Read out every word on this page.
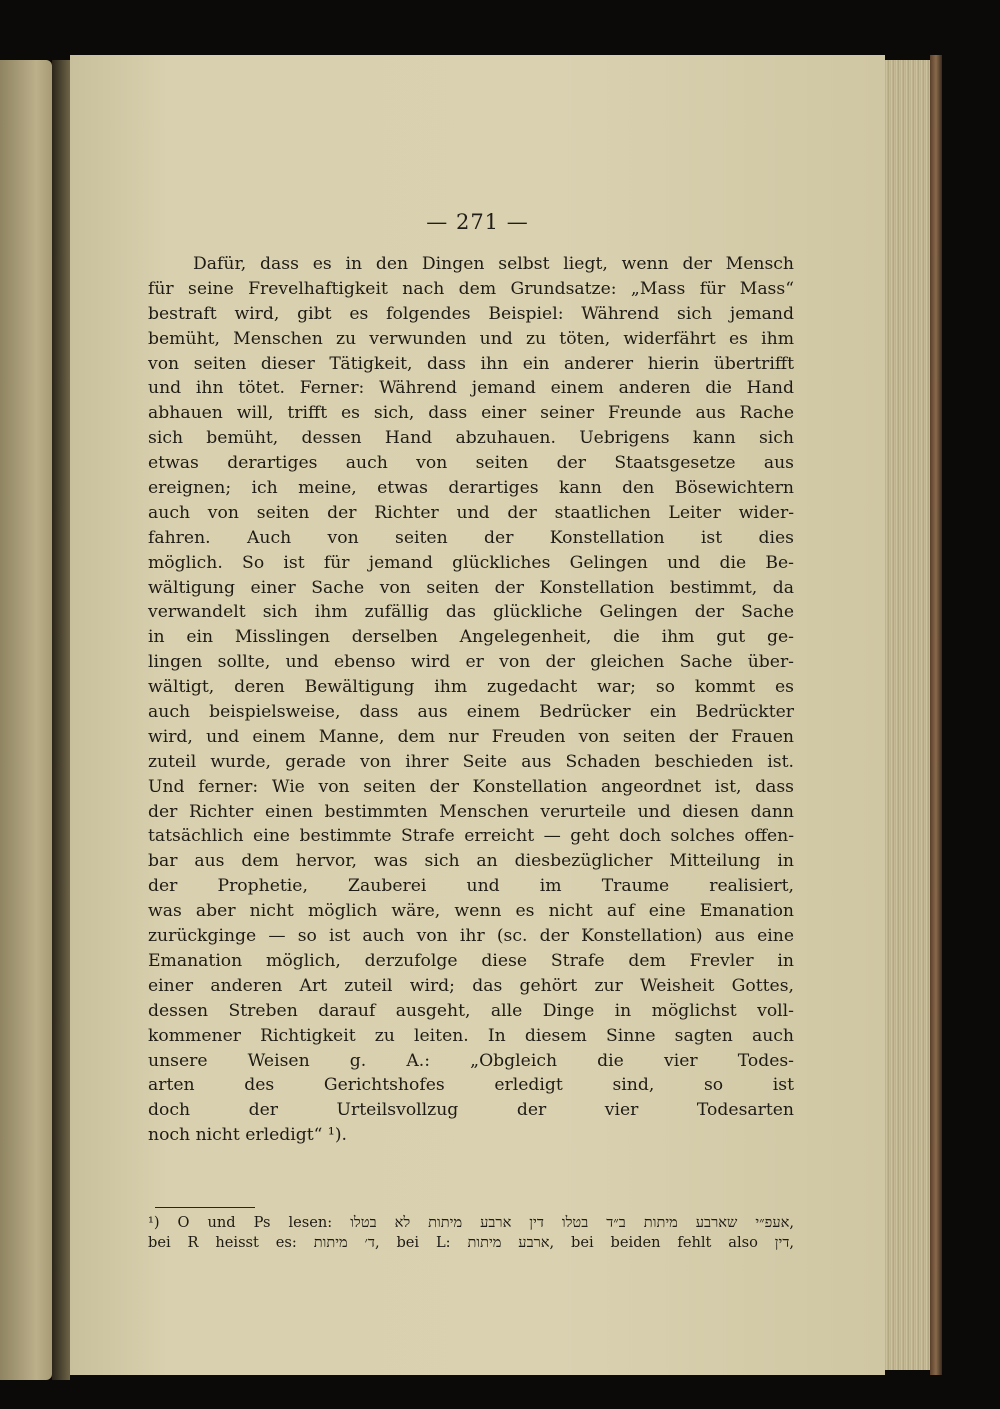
— 271 —
Dafür, dass es in den Dingen selbst liegt, wenn der Mensch
für seine Frevelhaftigkeit nach dem Grundsatze: „Mass für Mass“
bestraft wird, gibt es folgendes Beispiel: Während sich jemand
bemüht, Menschen zu verwunden und zu töten, widerfährt es ihm
von seiten dieser Tätigkeit, dass ihn ein anderer hierin übertrifft
und ihn tötet. Ferner: Während jemand einem anderen die Hand
abhauen will, trifft es sich, dass einer seiner Freunde aus Rache
sich bemüht, dessen Hand abzuhauen. Uebrigens kann sich
etwas derartiges auch von seiten der Staatsgesetze aus
ereignen; ich meine, etwas derartiges kann den Bösewichtern
auch von seiten der Richter und der staatlichen Leiter wider-
fahren. Auch von seiten der Konstellation ist dies
möglich. So ist für jemand glückliches Gelingen und die Be-
wältigung einer Sache von seiten der Konstellation bestimmt, da
verwandelt sich ihm zufällig das glückliche Gelingen der Sache
in ein Misslingen derselben Angelegenheit, die ihm gut ge-
lingen sollte, und ebenso wird er von der gleichen Sache über-
wältigt, deren Bewältigung ihm zugedacht war; so kommt es
auch beispielsweise, dass aus einem Bedrücker ein Bedrückter
wird, und einem Manne, dem nur Freuden von seiten der Frauen
zuteil wurde, gerade von ihrer Seite aus Schaden beschieden ist.
Und ferner: Wie von seiten der Konstellation angeordnet ist, dass
der Richter einen bestimmten Menschen verurteile und diesen dann
tatsächlich eine bestimmte Strafe erreicht — geht doch solches offen-
bar aus dem hervor, was sich an diesbezüglicher Mitteilung in
der Prophetie, Zauberei und im Traume realisiert,
was aber nicht möglich wäre, wenn es nicht auf eine Emanation
zurückginge — so ist auch von ihr (sc. der Konstellation) aus eine
Emanation möglich, derzufolge diese Strafe dem Frevler in
einer anderen Art zuteil wird; das gehört zur Weisheit Gottes,
dessen Streben darauf ausgeht, alle Dinge in möglichst voll-
kommener Richtigkeit zu leiten. In diesem Sinne sagten auch
unsere Weisen g. A.: „Obgleich die vier Todes-
arten des Gerichtshofes erledigt sind, so ist
doch der Urteilsvollzug der vier Todesarten
noch nicht erledigt“ ¹).
¹) O und Ps lesen: אעפ״י שארבע מיתות ב״ד בטלו דין ארבע מיתות לא בטלו,
bei R heisst es: ד׳ מיתות, bei L: ארבע מיתות, bei beiden fehlt also דין,
